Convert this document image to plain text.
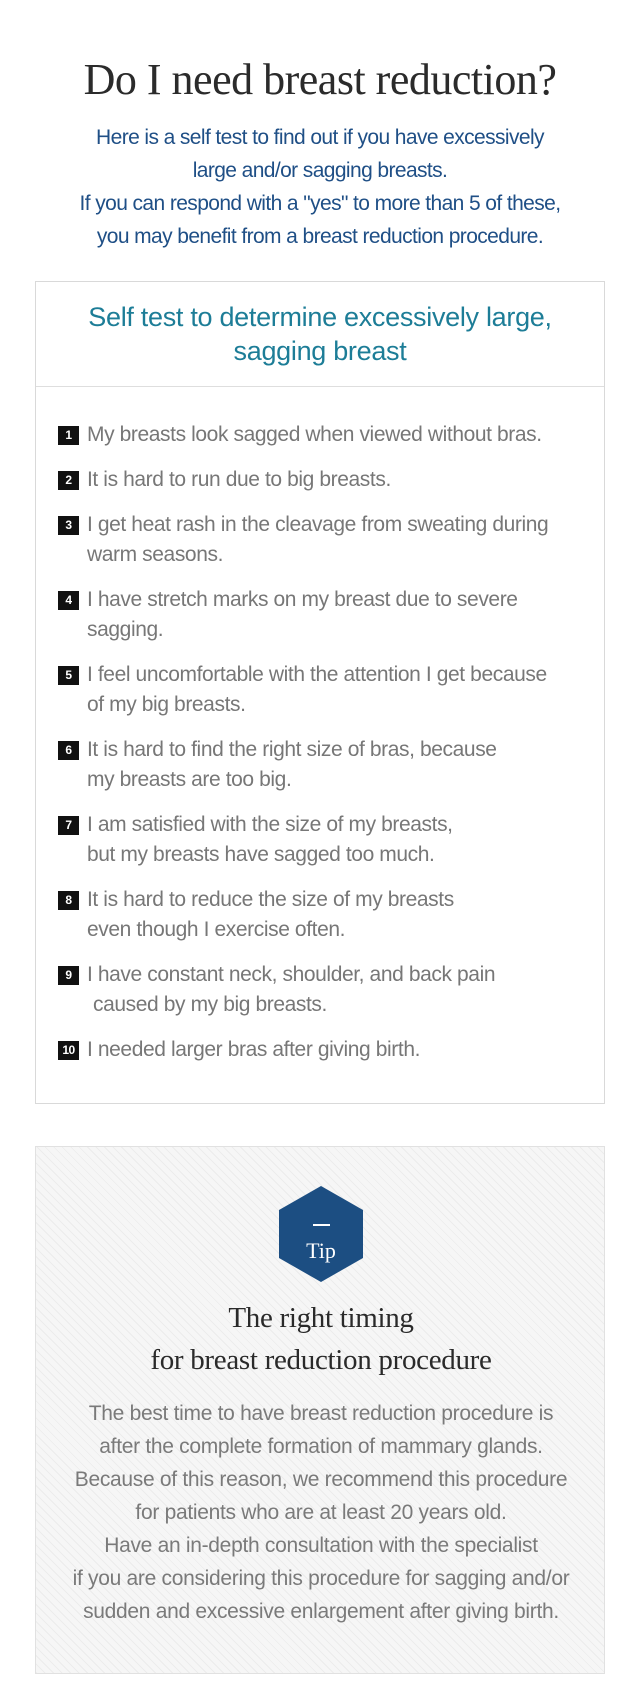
Do I need breast reduction?
Here is a self test to find out if you have excessively
large and/or sagging breasts.
If you can respond with a "yes" to more than 5 of these,
you may benefit from a breast reduction procedure.
Self test to determine excessively large,
sagging breast
1 My breasts look sagged when viewed without bras.
2 It is hard to run due to big breasts.
3 I get heat rash in the cleavage from sweating during
warm seasons.
4 I have stretch marks on my breast due to severe
sagging.
5 I feel uncomfortable with the attention I get because
of my big breasts.
6 It is hard to find the right size of bras, because
my breasts are too big.
7 I am satisfied with the size of my breasts,
but my breasts have sagged too much.
8 It is hard to reduce the size of my breasts
even though I exercise often.
9 I have constant neck, shoulder, and back pain
caused by my big breasts.
10 I needed larger bras after giving birth.
Tip
The right timing
for breast reduction procedure
The best time to have breast reduction procedure is
after the complete formation of mammary glands.
Because of this reason, we recommend this procedure
for patients who are at least 20 years old.
Have an in-depth consultation with the specialist
if you are considering this procedure for sagging and/or
sudden and excessive enlargement after giving birth.
